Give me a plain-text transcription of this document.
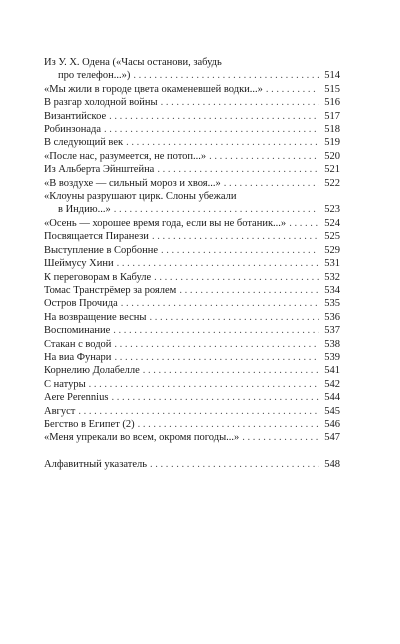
Из У. Х. Одена («Часы останови, забудь
про телефон...») . . .	514
«Мы жили в городе цвета окаменевшей водки...» . . .	515
В разгар холодной войны . . .	516
Византийское . . .	517
Робинзонада . . .	518
В следующий век . . .	519
«После нас, разумеется, не потоп...» . . .	520
Из Альберта Эйнштейна . . .	521
«В воздухе — сильный мороз и хвоя...» . . .	522
«Клоуны разрушают цирк. Слоны убежали
в Индию...» . . .	523
«Осень — хорошее время года, если вы не ботаник...» . . .	524
Посвящается Пиранези . . .	525
Выступление в Сорбонне . . .	529
Шеймусу Хини . . .	531
К переговорам в Кабуле . . .	532
Томас Транстрёмер за роялем . . .	534
Остров Прочида . . .	535
На возвращение весны . . .	536
Воспоминание . . .	537
Стакан с водой . . .	538
На виа Фунари . . .	539
Корнелию Долабелле . . .	541
С натуры . . .	542
Aere Perennius . . .	544
Август . . .	545
Бегство в Египет (2) . . .	546
«Меня упрекали во всем, окромя погоды...» . . .	547
Алфавитный указатель . . .	548
